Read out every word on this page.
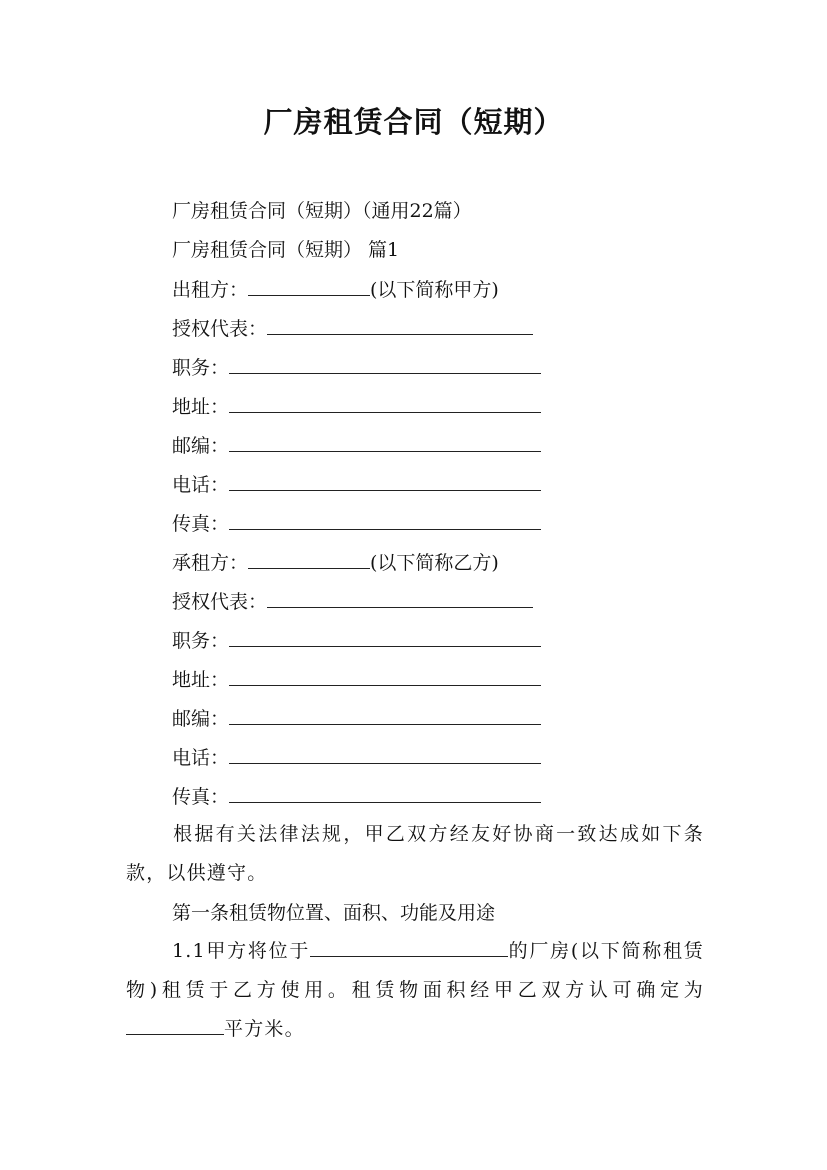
厂房租赁合同（短期）
厂房租赁合同（短期）（通用22篇）
厂房租赁合同（短期） 篇1
出租方：	(以下简称甲方)
授权代表：
职务：
地址：
邮编：
电话：
传真：
承租方：	(以下简称乙方)
授权代表：
职务：
地址：
邮编：
电话：
传真：
根据有关法律法规，甲乙双方经友好协商一致达成如下条款，以供遵守。
第一条租赁物位置、面积、功能及用途
1.1甲方将位于	的厂房(以下简称租赁物)租赁于乙方使用。租赁物面积经甲乙双方认可确定为平方米。
